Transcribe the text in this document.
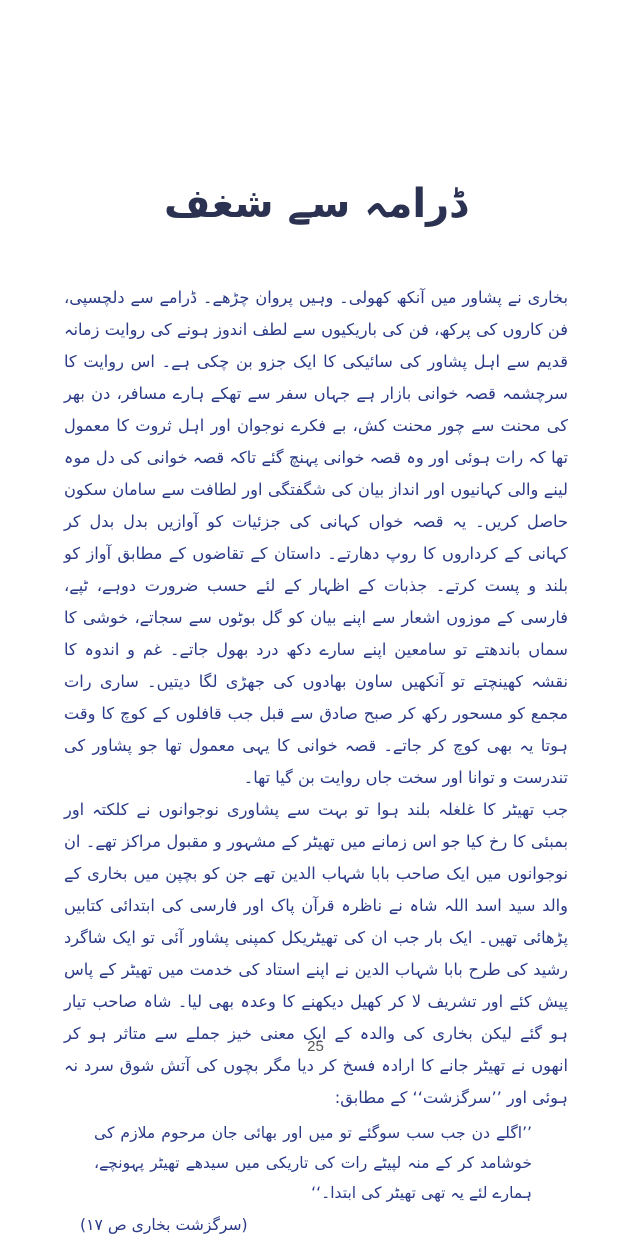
ڈرامہ سے شغف

بخاری نے پشاور میں آنکھ کھولی۔ وہیں پروان چڑھے۔ ڈرامے سے دلچسپی، فن کاروں کی پرکھ، فن کی باریکیوں سے لطف اندوز ہونے کی روایت زمانہ قدیم سے اہل پشاور کی سائیکی کا ایک جزو بن چکی ہے۔ اس روایت کا سرچشمہ قصہ خوانی بازار ہے جہاں سفر سے تھکے ہارے مسافر، دن بھر کی محنت سے چور محنت کش، بے فکرے نوجوان اور اہل ثروت کا معمول تھا کہ رات ہوئی اور وہ قصہ خوانی پہنچ گئے تاکہ قصہ خوانی کی دل موہ لینے والی کہانیوں اور انداز بیان کی شگفتگی اور لطافت سے سامان سکون حاصل کریں۔ یہ قصہ خواں کہانی کی جزئیات کو آوازیں بدل بدل کر کہانی کے کرداروں کا روپ دھارتے۔ داستان کے تقاضوں کے مطابق آواز کو بلند و پست کرتے۔ جذبات کے اظہار کے لئے حسب ضرورت دوہے، ٹپے، فارسی کے موزوں اشعار سے اپنے بیان کو گل بوٹوں سے سجاتے، خوشی کا سماں باندھتے تو سامعین اپنے سارے دکھ درد بھول جاتے۔ غم و اندوہ کا نقشہ کھینچتے تو آنکھیں ساون بھادوں کی جھڑی لگا دیتیں۔ ساری رات مجمع کو مسحور رکھ کر صبح صادق سے قبل جب قافلوں کے کوچ کا وقت ہوتا یہ بھی کوچ کر جاتے۔ قصہ خوانی کا یہی معمول تھا جو پشاور کی تندرست و توانا اور سخت جاں روایت بن گیا تھا۔

جب تھیٹر کا غلغلہ بلند ہوا تو بہت سے پشاوری نوجوانوں نے کلکتہ اور بمبئی کا رخ کیا جو اس زمانے میں تھیٹر کے مشہور و مقبول مراکز تھے۔ ان نوجوانوں میں ایک صاحب بابا شہاب الدین تھے جن کو بچپن میں بخاری کے والد سید اسد اللہ شاہ نے ناظرہ قرآن پاک اور فارسی کی ابتدائی کتابیں پڑھائی تھیں۔ ایک بار جب ان کی تھیٹریکل کمپنی پشاور آئی تو ایک شاگرد رشید کی طرح بابا شہاب الدین نے اپنے استاد کی خدمت میں تھیٹر کے پاس پیش کئے اور تشریف لا کر کھیل دیکھنے کا وعدہ بھی لیا۔ شاہ صاحب تیار ہو گئے لیکن بخاری کی والدہ کے ایک معنی خیز جملے سے متاثر ہو کر انھوں نے تھیٹر جانے کا ارادہ فسخ کر دیا مگر بچوں کی آتش شوق سرد نہ ہوئی اور ’’سرگزشت‘‘ کے مطابق:

’’اگلے دن جب سب سوگئے تو میں اور بھائی جان مرحوم ملازم کی خوشامد کر کے منہ لپیٹے رات کی تاریکی میں سیدھے تھیٹر پہونچے، ہمارے لئے یہ تھی تھیٹر کی ابتدا۔‘‘

(سرگزشت بخاری ص ۱۷)

25
